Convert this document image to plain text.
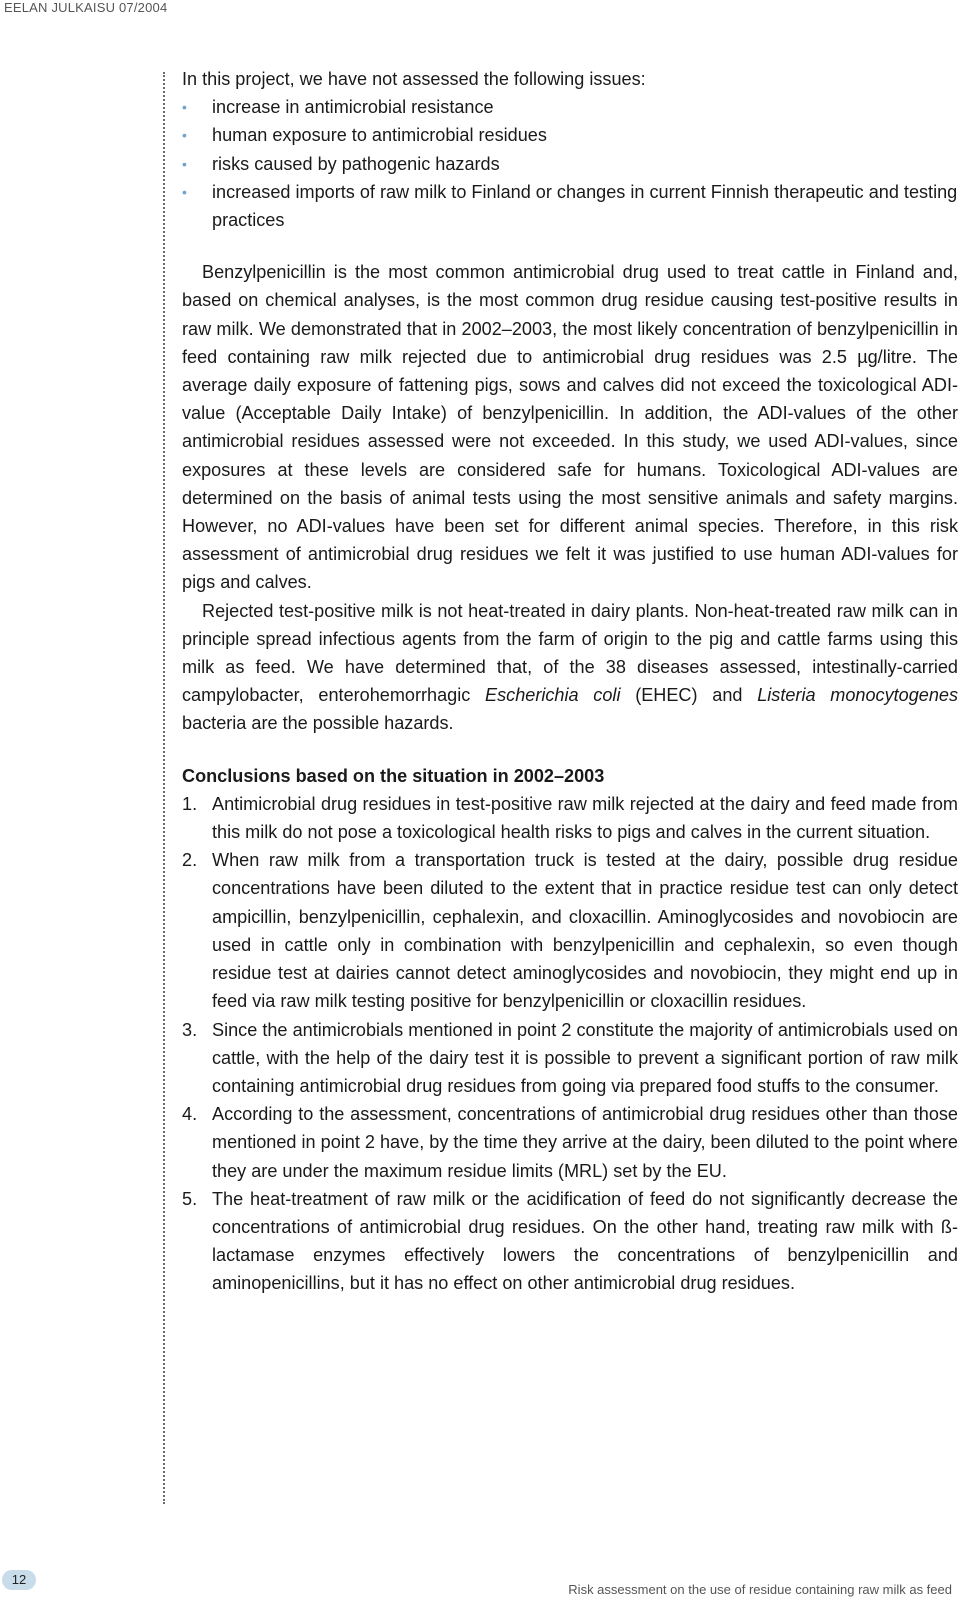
EELAN JULKAISU 07/2004

In this project, we have not assessed the following issues:

• increase in antimicrobial resistance
• human exposure to antimicrobial residues
• risks caused by pathogenic hazards
• increased imports of raw milk to Finland or changes in current Finnish therapeutic and testing practices

Benzylpenicillin is the most common antimicrobial drug used to treat cattle in Finland and, based on chemical analyses, is the most common drug residue causing test-positive results in raw milk. We demonstrated that in 2002–2003, the most likely concentration of benzylpenicillin in feed containing raw milk rejected due to antimicrobial drug residues was 2.5 µg/litre. The average daily exposure of fattening pigs, sows and calves did not exceed the toxicological ADI-value (Acceptable Daily Intake) of benzylpenicillin. In addition, the ADI-values of the other antimicrobial residues assessed were not exceeded. In this study, we used ADI-values, since exposures at these levels are considered safe for humans. Toxicological ADI-values are determined on the basis of animal tests using the most sensitive animals and safety margins. However, no ADI-values have been set for different animal species. Therefore, in this risk assessment of antimicrobial drug residues we felt it was justified to use human ADI-values for pigs and calves.

Rejected test-positive milk is not heat-treated in dairy plants. Non-heat-treated raw milk can in principle spread infectious agents from the farm of origin to the pig and cattle farms using this milk as feed. We have determined that, of the 38 diseases assessed, intestinally-carried campylobacter, enterohemorrhagic Escherichia coli (EHEC) and Listeria monocytogenes bacteria are the possible hazards.

Conclusions based on the situation in 2002–2003
1. Antimicrobial drug residues in test-positive raw milk rejected at the dairy and feed made from this milk do not pose a toxicological health risks to pigs and calves in the current situation.
2. When raw milk from a transportation truck is tested at the dairy, possible drug residue concentrations have been diluted to the extent that in practice residue test can only detect ampicillin, benzylpenicillin, cephalexin, and cloxacillin. Aminoglycosides and novobiocin are used in cattle only in combination with benzylpenicillin and cephalexin, so even though residue test at dairies cannot detect aminoglycosides and novobiocin, they might end up in feed via raw milk testing positive for benzylpenicillin or cloxacillin residues.
3. Since the antimicrobials mentioned in point 2 constitute the majority of antimicrobials used on cattle, with the help of the dairy test it is possible to prevent a significant portion of raw milk containing antimicrobial drug residues from going via prepared food stuffs to the consumer.
4. According to the assessment, concentrations of antimicrobial drug residues other than those mentioned in point 2 have, by the time they arrive at the dairy, been diluted to the point where they are under the maximum residue limits (MRL) set by the EU.
5. The heat-treatment of raw milk or the acidification of feed do not significantly decrease the concentrations of antimicrobial drug residues. On the other hand, treating raw milk with ß-lactamase enzymes effectively lowers the concentrations of benzylpenicillin and aminopenicillins, but it has no effect on other antimicrobial drug residues.
12
Risk assessment on the use of residue containing raw milk as feed
